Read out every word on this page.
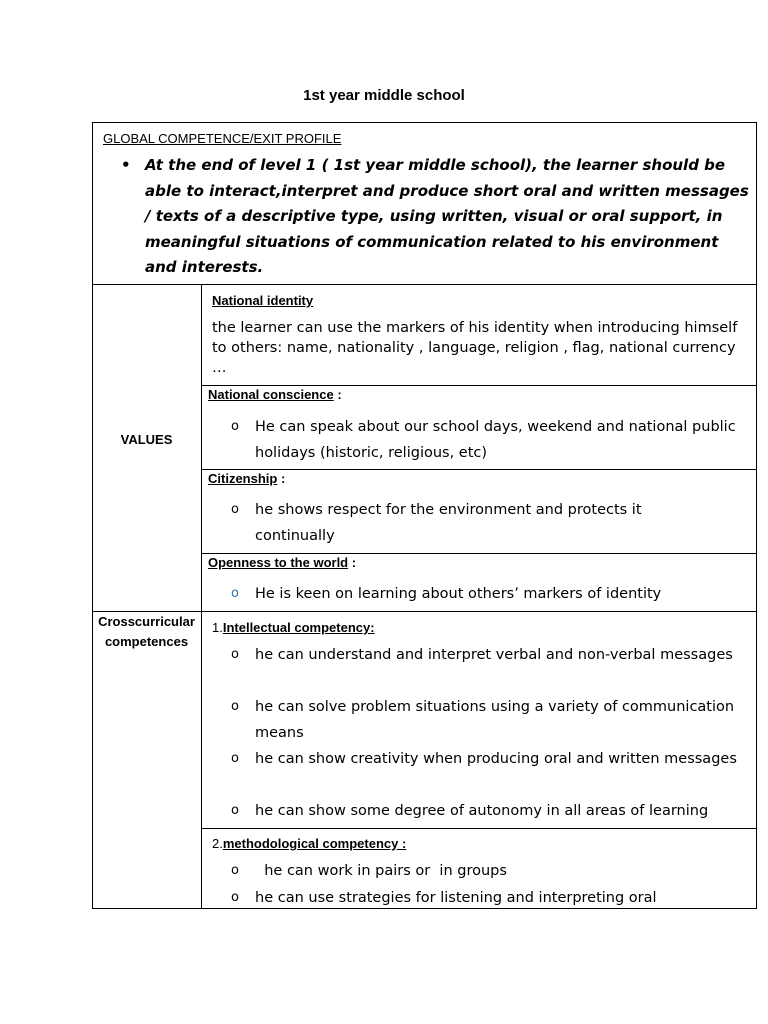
1st year middle school
GLOBAL COMPETENCE/EXIT PROFILE
• At the end of level 1 ( 1st year middle school), the learner should be able to interact,interpret and produce short oral and written messages / texts of a descriptive type, using written, visual or oral support, in meaningful situations of communication related to his environment and interests.
VALUES
National identity
the learner can use the markers of his identity when introducing himself to others: name, nationality , language, religion , flag, national currency …
National conscience :
o He can speak about our school days, weekend and national public holidays (historic, religious, etc)
Citizenship :
o he shows respect for the environment and protects it continually
Openness to the world :
o He is keen on learning about others’ markers of identity
Crosscurricular competences
1.Intellectual competency:
o he can understand and interpret verbal and non-verbal messages
o he can solve problem situations using a variety of communication means
o he can show creativity when producing oral and written messages
o he can show some degree of autonomy in all areas of learning
2.methodological competency :
o he can work in pairs or  in groups
o he can use strategies for listening and interpreting oral
